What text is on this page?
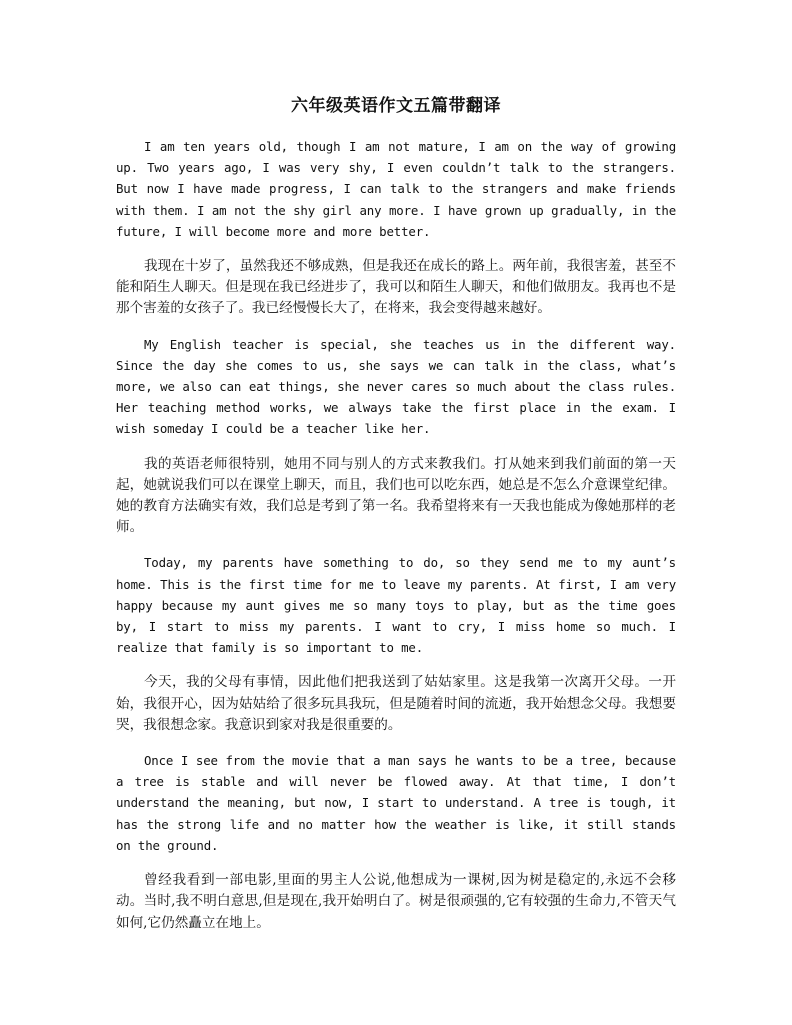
六年级英语作文五篇带翻译

I am ten years old, though I am not mature, I am on the way of growing up. Two years ago, I was very shy, I even couldn’t talk to the strangers. But now I have made progress, I can talk to the strangers and make friends with them. I am not the shy girl any more. I have grown up gradually, in the future, I will become more and more better.

我现在十岁了，虽然我还不够成熟，但是我还在成长的路上。两年前，我很害羞，甚至不能和陌生人聊天。但是现在我已经进步了，我可以和陌生人聊天，和他们做朋友。我再也不是那个害羞的女孩子了。我已经慢慢长大了，在将来，我会变得越来越好。

My English teacher is special, she teaches us in the different way. Since the day she comes to us, she says we can talk in the class, what’s more, we also can eat things, she never cares so much about the class rules. Her teaching method works, we always take the first place in the exam. I wish someday I could be a teacher like her.

我的英语老师很特别，她用不同与别人的方式来教我们。打从她来到我们前面的第一天起，她就说我们可以在课堂上聊天，而且，我们也可以吃东西，她总是不怎么介意课堂纪律。她的教育方法确实有效，我们总是考到了第一名。我希望将来有一天我也能成为像她那样的老师。

Today, my parents have something to do, so they send me to my aunt’s home. This is the first time for me to leave my parents. At first, I am very happy because my aunt gives me so many toys to play, but as the time goes by, I start to miss my parents. I want to cry, I miss home so much. I realize that family is so important to me.

今天，我的父母有事情，因此他们把我送到了姑姑家里。这是我第一次离开父母。一开始，我很开心，因为姑姑给了很多玩具我玩，但是随着时间的流逝，我开始想念父母。我想要哭，我很想念家。我意识到家对我是很重要的。

Once I see from the movie that a man says he wants to be a tree, because a tree is stable and will never be flowed away. At that time, I don’t understand the meaning, but now, I start to understand. A tree is tough, it has the strong life and no matter how the weather is like, it still stands on the ground.

曾经我看到一部电影,里面的男主人公说,他想成为一课树,因为树是稳定的,永远不会移动。当时,我不明白意思,但是现在,我开始明白了。树是很顽强的,它有较强的生命力,不管天气如何,它仍然矗立在地上。
